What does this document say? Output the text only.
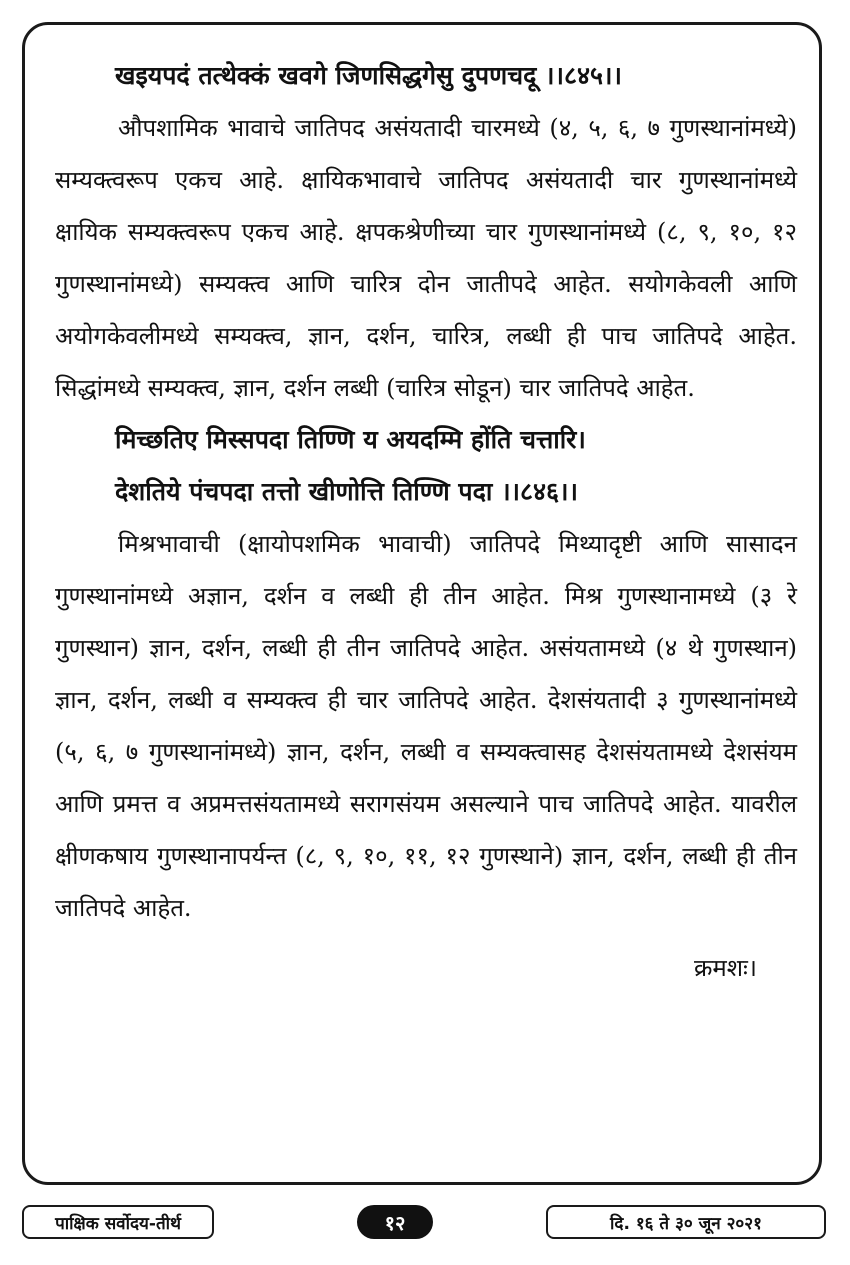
खइयपदं तत्थेक्कं खवगे जिणसिद्धगेसु दुपणचदू ।।८४५।।

औपशामिक भावाचे जातिपद असंयतादी चारमध्ये (४, ५, ६, ७ गुणस्थानांमध्ये) सम्यक्त्वरूप एकच आहे. क्षायिकभावाचे जातिपद असंयतादी चार गुणस्थानांमध्ये क्षायिक सम्यक्त्वरूप एकच आहे. क्षपकश्रेणीच्या चार गुणस्थानांमध्ये (८, ९, १०, १२ गुणस्थानांमध्ये) सम्यक्त्व आणि चारित्र दोन जातीपदे आहेत. सयोगकेवली आणि अयोगकेवलीमध्ये सम्यक्त्व, ज्ञान, दर्शन, चारित्र, लब्धी ही पाच जातिपदे आहेत. सिद्धांमध्ये सम्यक्त्व, ज्ञान, दर्शन लब्धी (चारित्र सोडून) चार जातिपदे आहेत.

मिच्छतिए मिस्सपदा तिण्णि य अयदम्मि होंति चत्तारि।

देशतिये पंचपदा तत्तो खीणोत्ति तिण्णि पदा ।।८४६।।

मिश्रभावाची (क्षायोपशमिक भावाची) जातिपदे मिथ्यादृष्टी आणि सासादन गुणस्थानांमध्ये अज्ञान, दर्शन व लब्धी ही तीन आहेत. मिश्र गुणस्थानामध्ये (३ रे गुणस्थान) ज्ञान, दर्शन, लब्धी ही तीन जातिपदे आहेत. असंयतामध्ये (४ थे गुणस्थान) ज्ञान, दर्शन, लब्धी व सम्यक्त्व ही चार जातिपदे आहेत. देशसंयतादी ३ गुणस्थानांमध्ये (५, ६, ७ गुणस्थानांमध्ये) ज्ञान, दर्शन, लब्धी व सम्यक्त्वासह देशसंयतामध्ये देशसंयम आणि प्रमत्त व अप्रमत्तसंयतामध्ये सरागसंयम असल्याने पाच जातिपदे आहेत. यावरील क्षीणकषाय गुणस्थानापर्यन्त (८, ९, १०, ११, १२ गुणस्थाने) ज्ञान, दर्शन, लब्धी ही तीन जातिपदे आहेत.

क्रमशः।

पाक्षिक सर्वोदय-तीर्थ	१२	दि. १६ ते ३० जून २०२१
